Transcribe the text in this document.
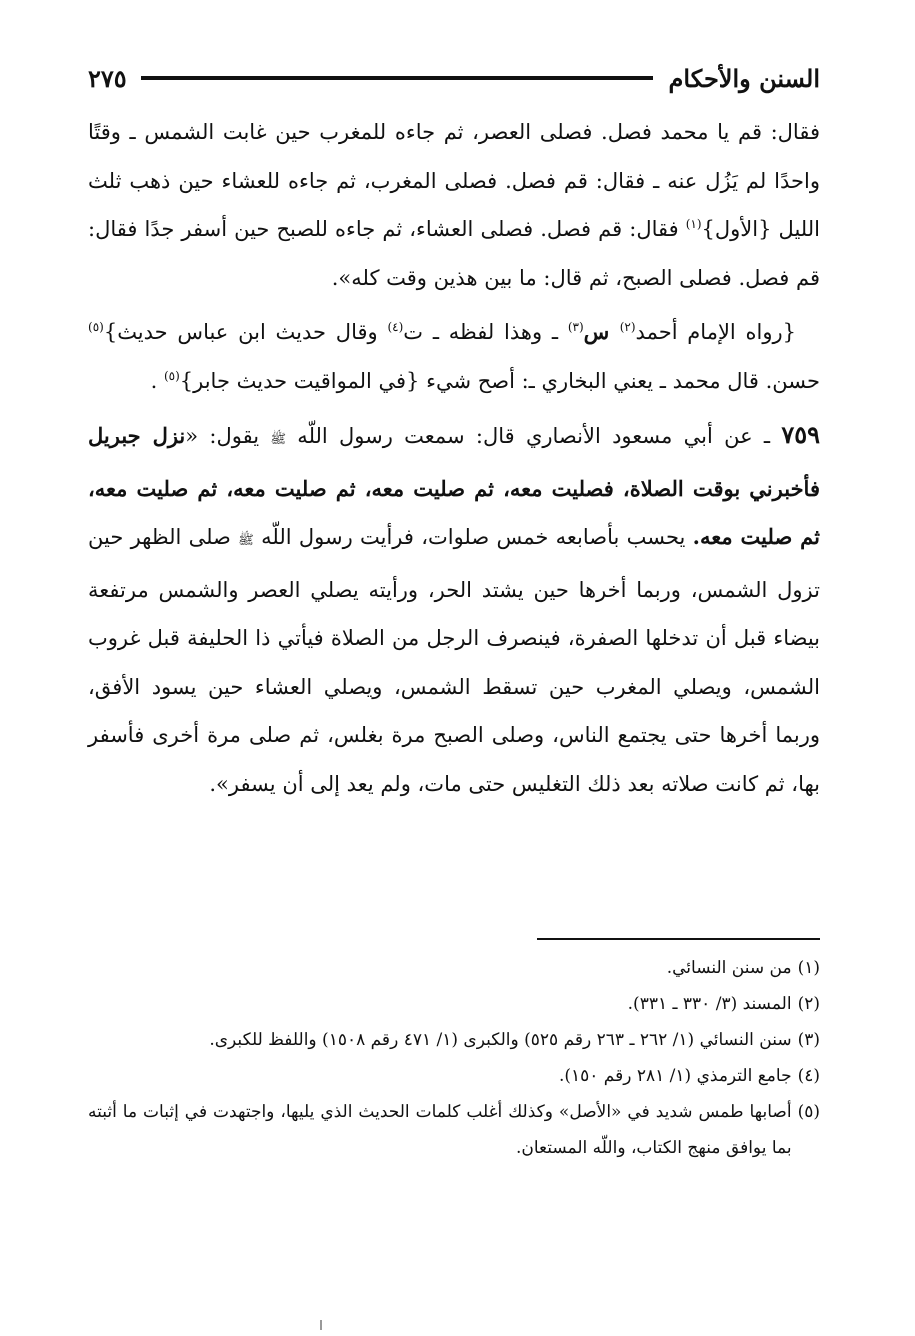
السنن والأحكام
٢٧٥

فقال: قم يا محمد فصل. فصلى العصر، ثم جاءه للمغرب حين غابت الشمس ـ وقتًا واحدًا لم يَزُل عنه ـ فقال: قم فصل. فصلى المغرب، ثم جاءه للعشاء حين ذهب ثلث الليل {الأول}$^{(١)}$ فقال: قم فصل. فصلى العشاء، ثم جاءه للصبح حين أسفر جدًا فقال: قم فصل. فصلى الصبح، ثم قال: ما بين هذين وقت كله».

{رواه الإمام أحمد$^{(٢)}$ س$^{(٣)}$ ـ وهذا لفظه ـ ت$^{(٤)}$ وقال حديث ابن عباس حديث}$^{(٥)}$ حسن. قال محمد ـ يعني البخاري ـ: أصح شيء {في المواقيت حديث جابر}$^{(٥)}$ .

٧٥٩ ـ عن أبي مسعود الأنصاري قال: سمعت رسول اللّه ﷺ يقول: «نزل جبريل فأخبرني بوقت الصلاة، فصليت معه، ثم صليت معه، ثم صليت معه، ثم صليت معه، ثم صليت معه. يحسب بأصابعه خمس صلوات، فرأيت رسول اللّه ﷺ صلى الظهر حين تزول الشمس، وربما أخرها حين يشتد الحر، ورأيته يصلي العصر والشمس مرتفعة بيضاء قبل أن تدخلها الصفرة، فينصرف الرجل من الصلاة فيأتي ذا الحليفة قبل غروب الشمس، ويصلي المغرب حين تسقط الشمس، ويصلي العشاء حين يسود الأفق، وربما أخرها حتى يجتمع الناس، وصلى الصبح مرة بغلس، ثم صلى مرة أخرى فأسفر بها، ثم كانت صلاته بعد ذلك التغليس حتى مات، ولم يعد إلى أن يسفر».

(١)
من سنن النسائي.
(٢)
المسند (٣/ ٣٣٠ ـ ٣٣١).
(٣)
سنن النسائي (١/ ٢٦٢ ـ ٢٦٣ رقم ٥٢٥) والكبرى (١/ ٤٧١ رقم ١٥٠٨) واللفظ للكبرى.
(٤)
جامع الترمذي (١/ ٢٨١ رقم ١٥٠).
(٥)
أصابها طمس شديد في «الأصل» وكذلك أغلب كلمات الحديث الذي يليها، واجتهدت في إثبات ما أثبته بما يوافق منهج الكتاب، واللّه المستعان.
